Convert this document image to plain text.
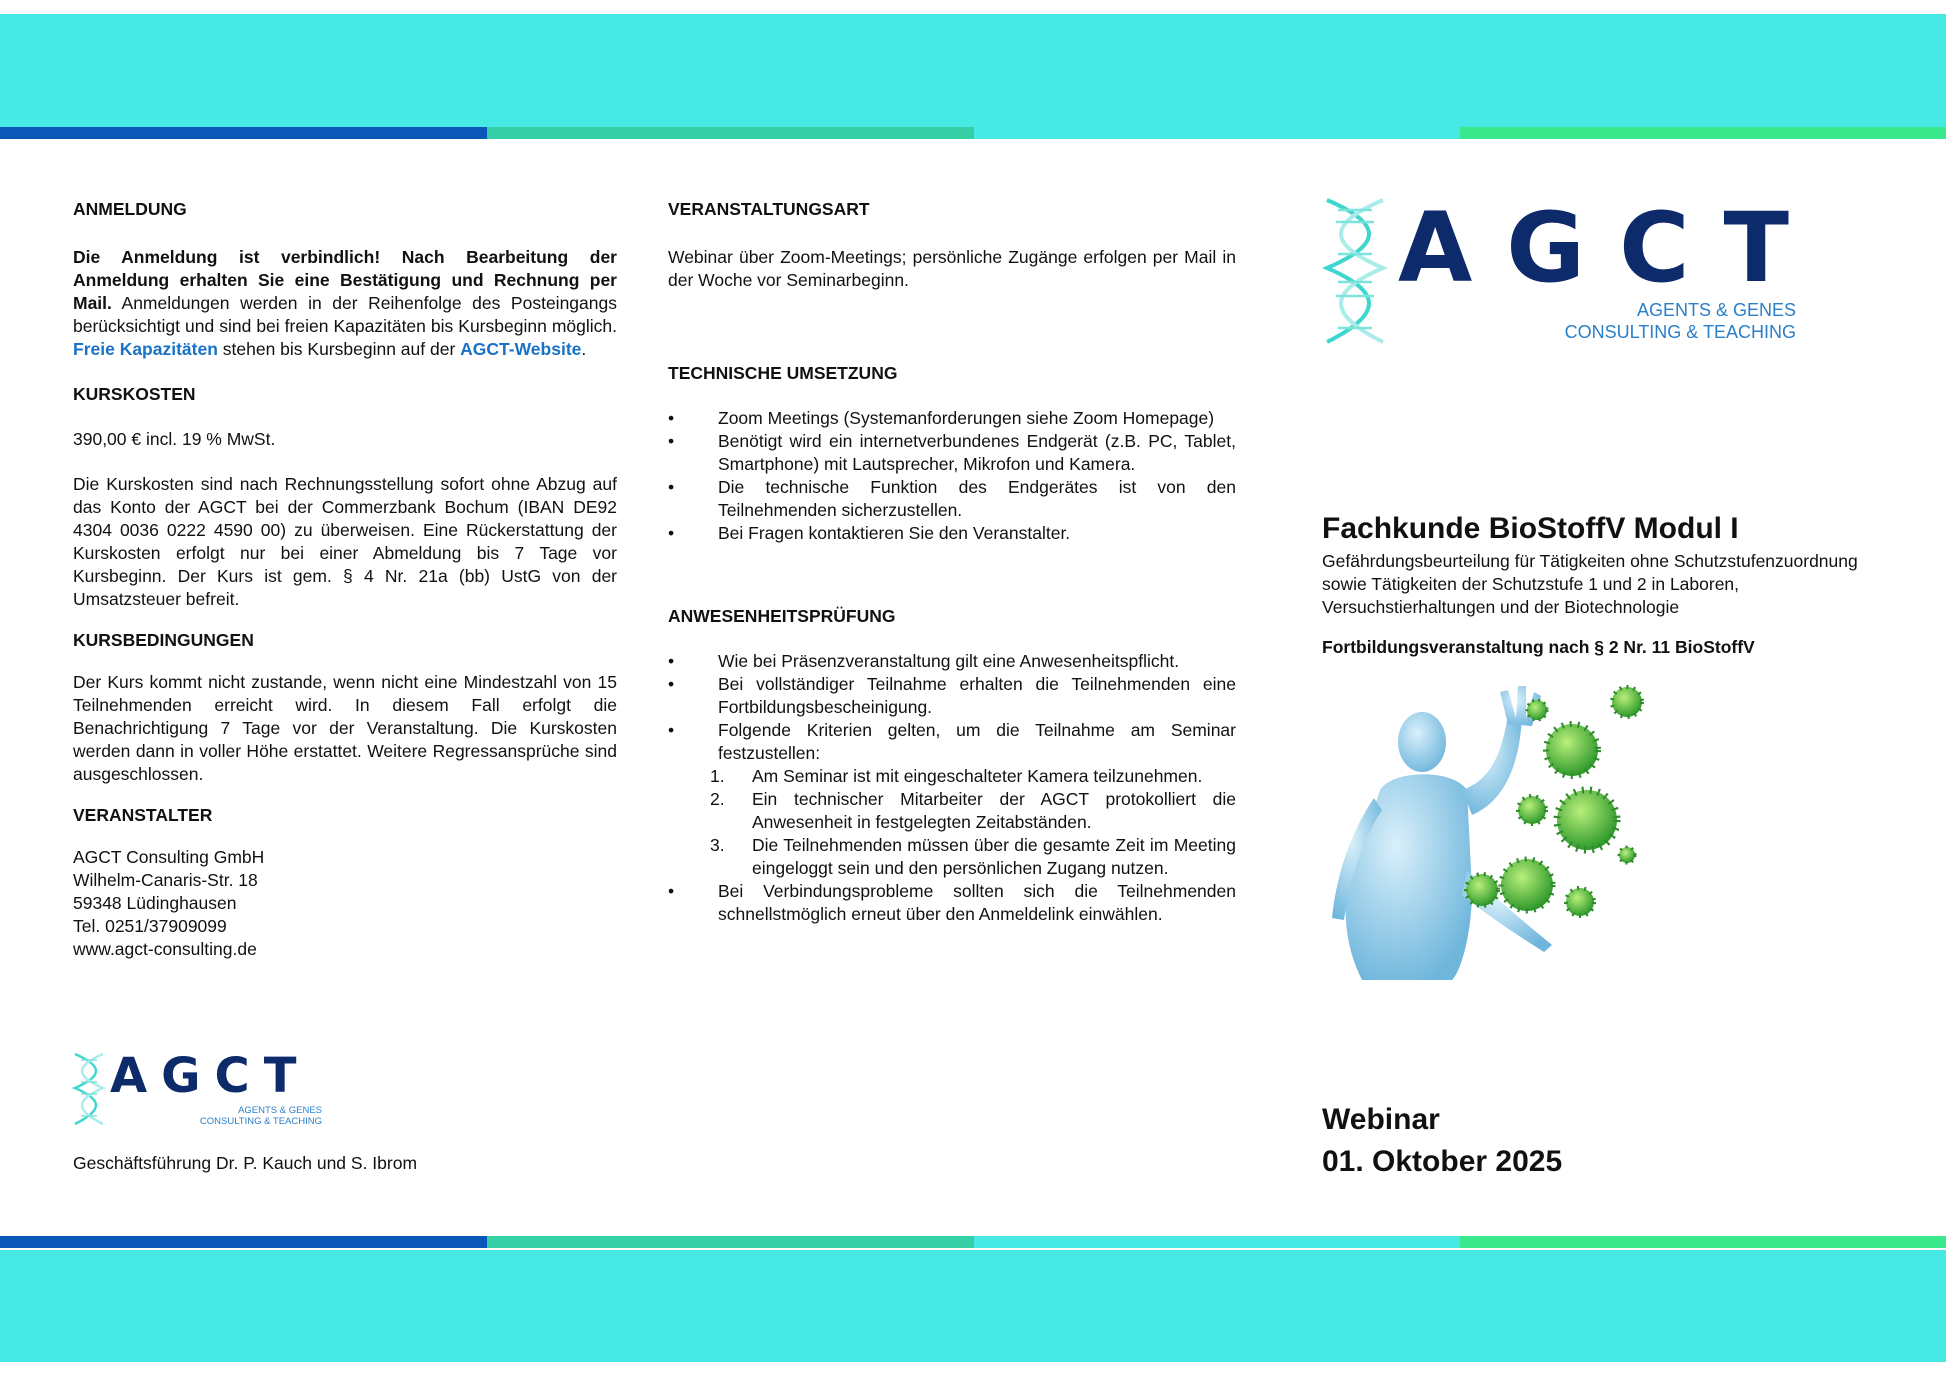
ANMELDUNG

Die Anmeldung ist verbindlich! Nach Bearbeitung der Anmeldung erhalten Sie eine Bestätigung und Rechnung per Mail. Anmeldungen werden in der Reihenfolge des Posteingangs berücksichtigt und sind bei freien Kapazitäten bis Kursbeginn möglich. Freie Kapazitäten stehen bis Kursbeginn auf der AGCT-Website.

KURSKOSTEN

390,00 € incl. 19 % MwSt.

Die Kurskosten sind nach Rechnungsstellung sofort ohne Abzug auf das Konto der AGCT bei der Commerzbank Bochum (IBAN DE92 4304 0036 0222 4590 00) zu überweisen. Eine Rückerstattung der Kurskosten erfolgt nur bei einer Abmeldung bis 7 Tage vor Kursbeginn. Der Kurs ist gem. § 4 Nr. 21a (bb) UstG von der Umsatzsteuer befreit.

KURSBEDINGUNGEN

Der Kurs kommt nicht zustande, wenn nicht eine Mindestzahl von 15 Teilnehmenden erreicht wird. In diesem Fall erfolgt die Benachrichtigung 7 Tage vor der Veranstaltung. Die Kurskosten werden dann in voller Höhe erstattet. Weitere Regressansprüche sind ausgeschlossen.

VERANSTALTER
AGCT Consulting GmbH
Wilhelm-Canaris-Str. 18
59348 Lüdinghausen
Tel. 0251/37909099
www.agct-consulting.de
AGCT
AGENTS & GENES
CONSULTING & TEACHING
Geschäftsführung Dr. P. Kauch und S. Ibrom
VERANSTALTUNGSART

Webinar über Zoom-Meetings; persönliche Zugänge erfolgen per Mail in der Woche vor Seminarbeginn.

TECHNISCHE UMSETZUNG
• Zoom Meetings (Systemanforderungen siehe Zoom Homepage)
• Benötigt wird ein internetverbundenes Endgerät (z.B. PC, Tablet, Smartphone) mit Lautsprecher, Mikrofon und Kamera.
• Die technische Funktion des Endgerätes ist von den Teilnehmenden sicherzustellen.
• Bei Fragen kontaktieren Sie den Veranstalter.
ANWESENHEITSPRÜFUNG
• Wie bei Präsenzveranstaltung gilt eine Anwesenheitspflicht.
• Bei vollständiger Teilnahme erhalten die Teilnehmenden eine Fortbildungsbescheinigung.
• Folgende Kriterien gelten, um die Teilnahme am Seminar festzustellen:
1. Am Seminar ist mit eingeschalteter Kamera teilzunehmen.
2. Ein technischer Mitarbeiter der AGCT protokolliert die Anwesenheit in festgelegten Zeitabständen.
3. Die Teilnehmenden müssen über die gesamte Zeit im Meeting eingeloggt sein und den persönlichen Zugang nutzen.
• Bei Verbindungsprobleme sollten sich die Teilnehmenden schnellstmöglich erneut über den Anmeldelink einwählen.
AGCT
AGENTS & GENES
CONSULTING & TEACHING
Fachkunde BioStoffV Modul I
Gefährdungsbeurteilung für Tätigkeiten ohne Schutzstufenzuordnung sowie Tätigkeiten der Schutzstufe 1 und 2 in Laboren, Versuchstierhaltungen und der Biotechnologie
Fortbildungsveranstaltung nach § 2 Nr. 11 BioStoffV
Webinar
01. Oktober 2025
